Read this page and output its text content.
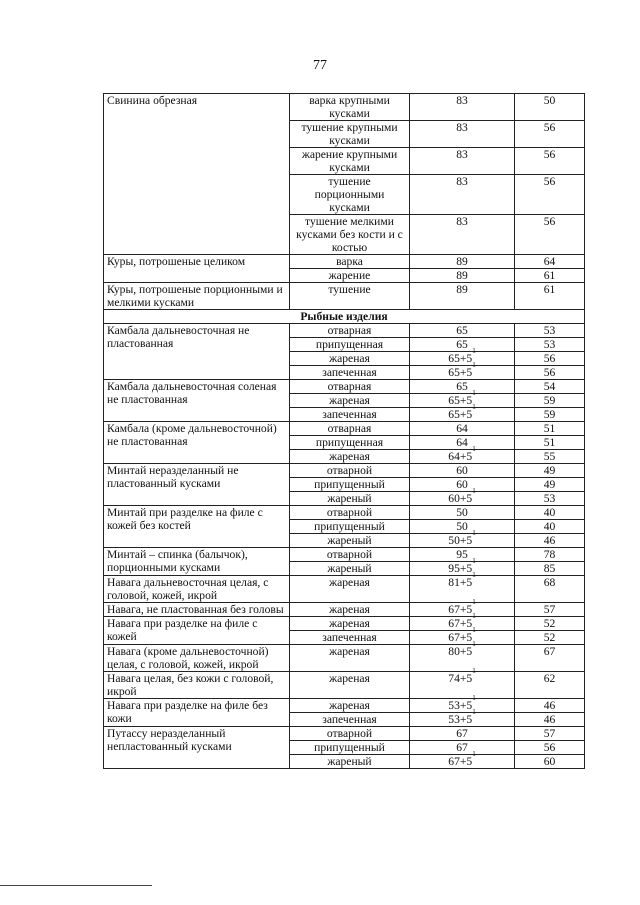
77
Свинина обрезная	варка крупными кусками	83	50
	тушение крупными кусками	83	56
	жарение крупными кусками	83	56
	тушение порционными кусками	83	56
	тушение мелкими кусками без кости и с костью	83	56
Куры, потрошеные целиком	варка	89	64
	жарение	89	61
Куры, потрошеные порционными и мелкими кусками	тушение	89	61
Рыбные изделия			
Камбала дальневосточная не пластованная	отварная	65	53
	припущенная	65	53
	жареная	$65+5^1$	56
	запеченная	$65+5^1$	56
Камбала дальневосточная соленая не пластованная	отварная	65	54
	жареная	$65+5^1$	59
	запеченная	$65+5^1$	59
Камбала (кроме дальневосточной) не пластованная	отварная	64	51
	припущенная	64	51
	жареная	$64+5^1$	55
Минтай неразделанный не пластованный кусками	отварной	60	49
	припущенный	60	49
	жареный	$60+5^1$	53
Минтай при разделке на филе с кожей без костей	отварной	50	40
	припущенный	50	40
	жареный	$50+5^1$	46
Минтай – спинка (балычок), порционными кусками	отварной	95	78
	жареный	$95+5^1$	85
Навага дальневосточная целая, с головой, кожей, икрой	жареная	$81+5^1$	68
Навага, не пластованная без головы	жареная	$67+5^1$	57
Навага при разделке на филе с кожей	жареная	$67+5^1$	52
	запеченная	$67+5^1$	52
Навага (кроме дальневосточной) целая, с головой, кожей, икрой	жареная	$80+5^1$	67
Навага целая, без кожи с головой, икрой	жареная	$74+5^1$	62
Навага при разделке на филе без кожи	жареная	$53+5^1$	46
	запеченная	$53+5^1$	46
Путассу неразделанный непластованный кусками	отварной	67	57
	припущенный	67	56
	жареный	$67+5^1$	60
